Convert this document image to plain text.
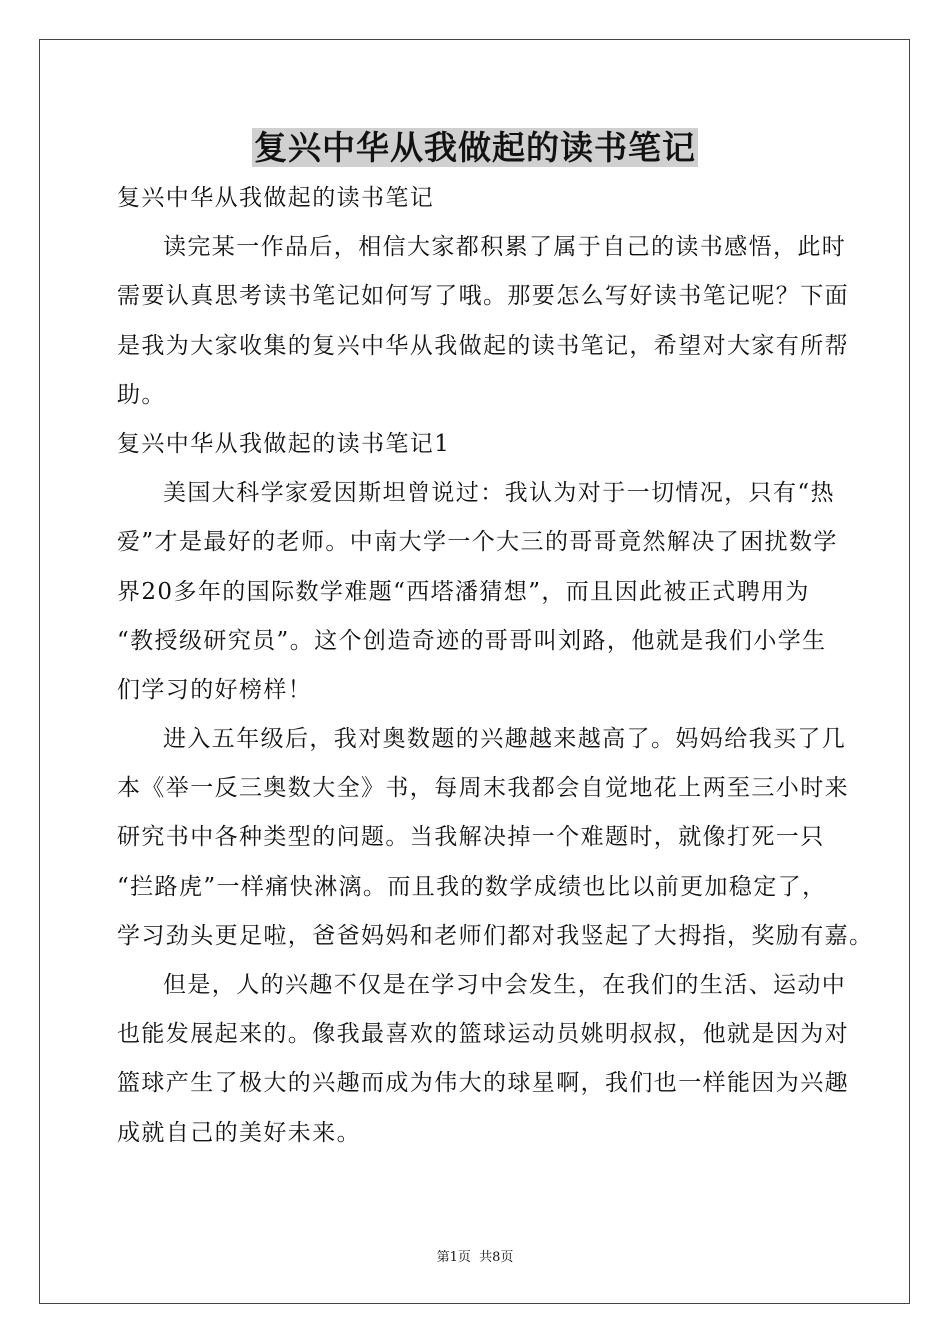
复兴中华从我做起的读书笔记
复兴中华从我做起的读书笔记
读完某一作品后，相信大家都积累了属于自己的读书感悟，此时
需要认真思考读书笔记如何写了哦。那要怎么写好读书笔记呢？下面
是我为大家收集的复兴中华从我做起的读书笔记，希望对大家有所帮
助。
复兴中华从我做起的读书笔记1
美国大科学家爱因斯坦曾说过：我认为对于一切情况，只有“热
爱”才是最好的老师。中南大学一个大三的哥哥竟然解决了困扰数学
界20多年的国际数学难题“西塔潘猜想”，而且因此被正式聘用为
“教授级研究员”。这个创造奇迹的哥哥叫刘路，他就是我们小学生
们学习的好榜样！
进入五年级后，我对奥数题的兴趣越来越高了。妈妈给我买了几
本《举一反三奥数大全》书，每周末我都会自觉地花上两至三小时来
研究书中各种类型的问题。当我解决掉一个难题时，就像打死一只
“拦路虎”一样痛快淋漓。而且我的数学成绩也比以前更加稳定了，
学习劲头更足啦，爸爸妈妈和老师们都对我竖起了大拇指，奖励有嘉。
但是，人的兴趣不仅是在学习中会发生，在我们的生活、运动中
也能发展起来的。像我最喜欢的篮球运动员姚明叔叔，他就是因为对
篮球产生了极大的兴趣而成为伟大的球星啊，我们也一样能因为兴趣
成就自己的美好未来。
第1页 共8页
